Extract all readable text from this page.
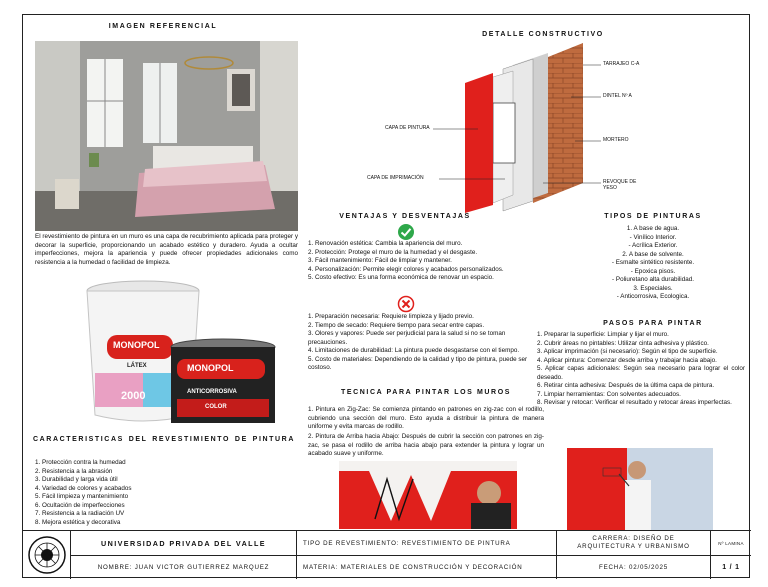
IMAGEN REFERENCIAL
El revestimiento de pintura en un muro es una capa de recubrimiento aplicada para proteger y decorar la superficie, proporcionando un acabado estético y duradero. Ayuda a ocultar imperfecciones, mejora la apariencia y puede ofrecer propiedades adicionales como resistencia a la humedad o facilidad de limpieza.
MONOPOL
LÁTEX
2000
MONOPOL
ANTICORROSIVA
COLOR
CARACTERISTICAS DEL REVESTIMIENTO DE PINTURA
1. Protección contra la humedad
2. Resistencia a la abrasión
3. Durabilidad y larga vida útil
4. Variedad de colores y acabados
5. Fácil limpieza y mantenimiento
6. Ocultación de imperfecciones
7. Resistencia a la radiación UV
8. Mejora estética y decorativa
DETALLE CONSTRUCTIVO
TARRAJEO C-A
DINTEL Nº A
MORTERO
REVOQUE DE YESO
CAPA DE PINTURA
CAPA DE IMPRIMACIÓN
VENTAJAS Y DESVENTAJAS
1. Renovación estética: Cambia la apariencia del muro.
2. Protección: Protege el muro de la humedad y el desgaste.
3. Fácil mantenimiento: Fácil de limpiar y mantener.
4. Personalización: Permite elegir colores y acabados personalizados.
5. Costo efectivo: Es una forma económica de renovar un espacio.
1. Preparación necesaria: Requiere limpieza y lijado previo.
2. Tiempo de secado: Requiere tiempo para secar entre capas.
3. Olores y vapores: Puede ser perjudicial para la salud si no se toman precauciones.
4. Limitaciones de durabilidad: La pintura puede desgastarse con el tiempo.
5. Costo de materiales: Dependiendo de la calidad y tipo de pintura, puede ser costoso.
TECNICA PARA PINTAR LOS MUROS
1. Pintura en Zig-Zac: Se comienza pintando en patrones en zig-zac con el rodillo, cubriendo una sección del muro. Esto ayuda a distribuir la pintura de manera uniforme y evita marcas de rodillo.
2. Pintura de Arriba hacia Abajo: Después de cubrir la sección con patrones en zig-zac, se pasa el rodillo de arriba hacia abajo para extender la pintura y lograr un acabado suave y uniforme.
TIPOS DE PINTURAS
1. A base de agua.
- Vinílico Interior.
- Acrílica Exterior.
2. A base de solvente.
- Esmalte sintético resistente.
- Epoxica pisos.
- Poliuretano alta durabilidad.
3. Especiales.
- Anticorrosiva, Ecologica.
PASOS PARA PINTAR
1. Preparar la superficie: Limpiar y lijar el muro.
2. Cubrir áreas no pintables: Utilizar cinta adhesiva y plástico.
3. Aplicar imprimación (si necesario): Según el tipo de superficie.
4. Aplicar pintura: Comenzar desde arriba y trabajar hacia abajo.
5. Aplicar capas adicionales: Según sea necesario para lograr el color deseado.
6. Retirar cinta adhesiva: Después de la última capa de pintura.
7. Limpiar herramientas: Con solventes adecuados.
8. Revisar y retocar: Verificar el resultado y retocar áreas imperfectas.
UNIVERSIDAD PRIVADA DEL VALLE
NOMBRE: JUAN VICTOR GUTIERREZ MARQUEZ
TIPO DE REVESTIMIENTO: REVESTIMIENTO DE PINTURA
MATERIA: MATERIALES DE CONSTRUCCIÓN Y DECORACIÓN
CARRERA: DISEÑO DE ARQUITECTURA Y URBANISMO
FECHA: 02/05/2025
Nº LAMINA
1 / 1
